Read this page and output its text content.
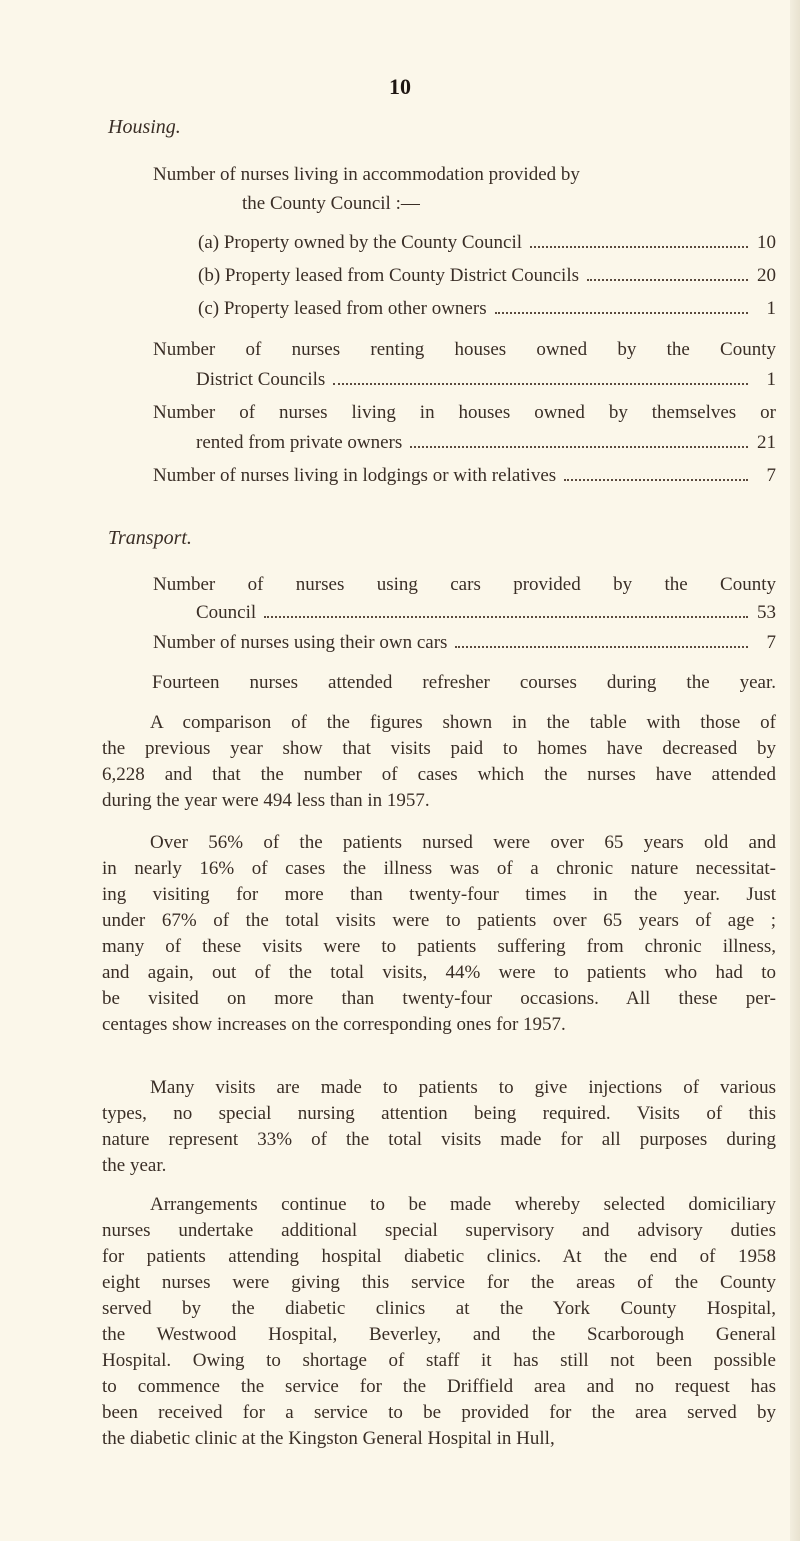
10
Housing.
Number of nurses living in accommodation provided by
the County Council :—
(a) Property owned by the County Council	10
(b) Property leased from County District Councils	20
(c) Property leased from other owners	1
Number of nurses renting houses owned by the County
District Councils	1
Number of nurses living in houses owned by themselves or
rented from private owners	21
Number of nurses living in lodgings or with relatives	7
Transport.
Number of nurses using cars provided by the County
Council	53
Number of nurses using their own cars	7
Fourteen nurses attended refresher courses during the year.
A comparison of the figures shown in the table with those of
the previous year show that visits paid to homes have decreased by
6,228 and that the number of cases which the nurses have attended
during the year were 494 less than in 1957.
Over 56% of the patients nursed were over 65 years old and
in nearly 16% of cases the illness was of a chronic nature necessitat-
ing visiting for more than twenty-four times in the year. Just
under 67% of the total visits were to patients over 65 years of age ;
many of these visits were to patients suffering from chronic illness,
and again, out of the total visits, 44% were to patients who had to
be visited on more than twenty-four occasions. All these per-
centages show increases on the corresponding ones for 1957.
Many visits are made to patients to give injections of various
types, no special nursing attention being required. Visits of this
nature represent 33% of the total visits made for all purposes during
the year.
Arrangements continue to be made whereby selected domiciliary
nurses undertake additional special supervisory and advisory duties
for patients attending hospital diabetic clinics. At the end of 1958
eight nurses were giving this service for the areas of the County
served by the diabetic clinics at the York County Hospital,
the Westwood Hospital, Beverley, and the Scarborough General
Hospital. Owing to shortage of staff it has still not been possible
to commence the service for the Driffield area and no request has
been received for a service to be provided for the area served by
the diabetic clinic at the Kingston General Hospital in Hull,
